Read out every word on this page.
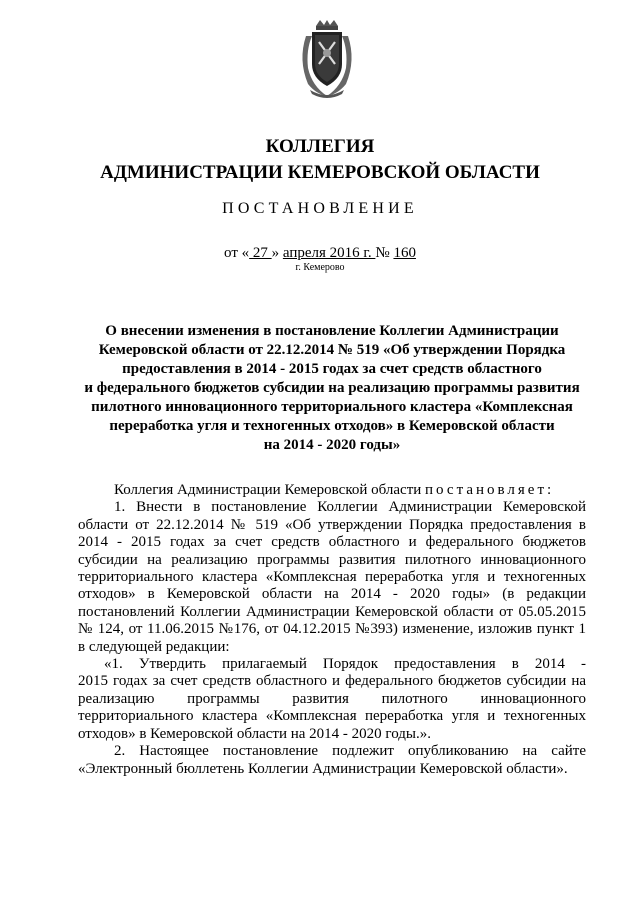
КОЛЛЕГИЯ
АДМИНИСТРАЦИИ КЕМЕРОВСКОЙ ОБЛАСТИ
ПОСТАНОВЛЕНИЕ
от « 27 » апреля 2016 г. № 160
г. Кемерово
О внесении изменения в постановление Коллегии Администрации
Кемеровской области от 22.12.2014 № 519 «Об утверждении Порядка
предоставления в 2014 - 2015 годах за счет средств областного
и федерального бюджетов субсидии на реализацию программы развития
пилотного инновационного территориального кластера «Комплексная
переработка угля и техногенных отходов» в Кемеровской области
на 2014 - 2020 годы»
Коллегия Администрации Кемеровской области постановляет:
1. Внести в постановление Коллегии Администрации Кемеровской
области от 22.12.2014 № 519 «Об утверждении Порядка предоставления в
2014 - 2015 годах за счет средств областного и федерального бюджетов
субсидии на реализацию программы развития пилотного инновационного
территориального кластера «Комплексная переработка угля и техногенных
отходов» в Кемеровской области на 2014 - 2020 годы» (в редакции
постановлений Коллегии Администрации Кемеровской области от 05.05.2015
№ 124, от 11.06.2015 №176, от 04.12.2015 №393) изменение, изложив пункт 1
в следующей редакции:
«1. Утвердить прилагаемый Порядок предоставления в 2014 -
2015 годах за счет средств областного и федерального бюджетов субсидии на
реализацию программы развития пилотного инновационного
территориального кластера «Комплексная переработка угля и техногенных
отходов» в Кемеровской области на 2014 - 2020 годы.».
2. Настоящее постановление подлежит опубликованию на сайте
«Электронный бюллетень Коллегии Администрации Кемеровской области».
